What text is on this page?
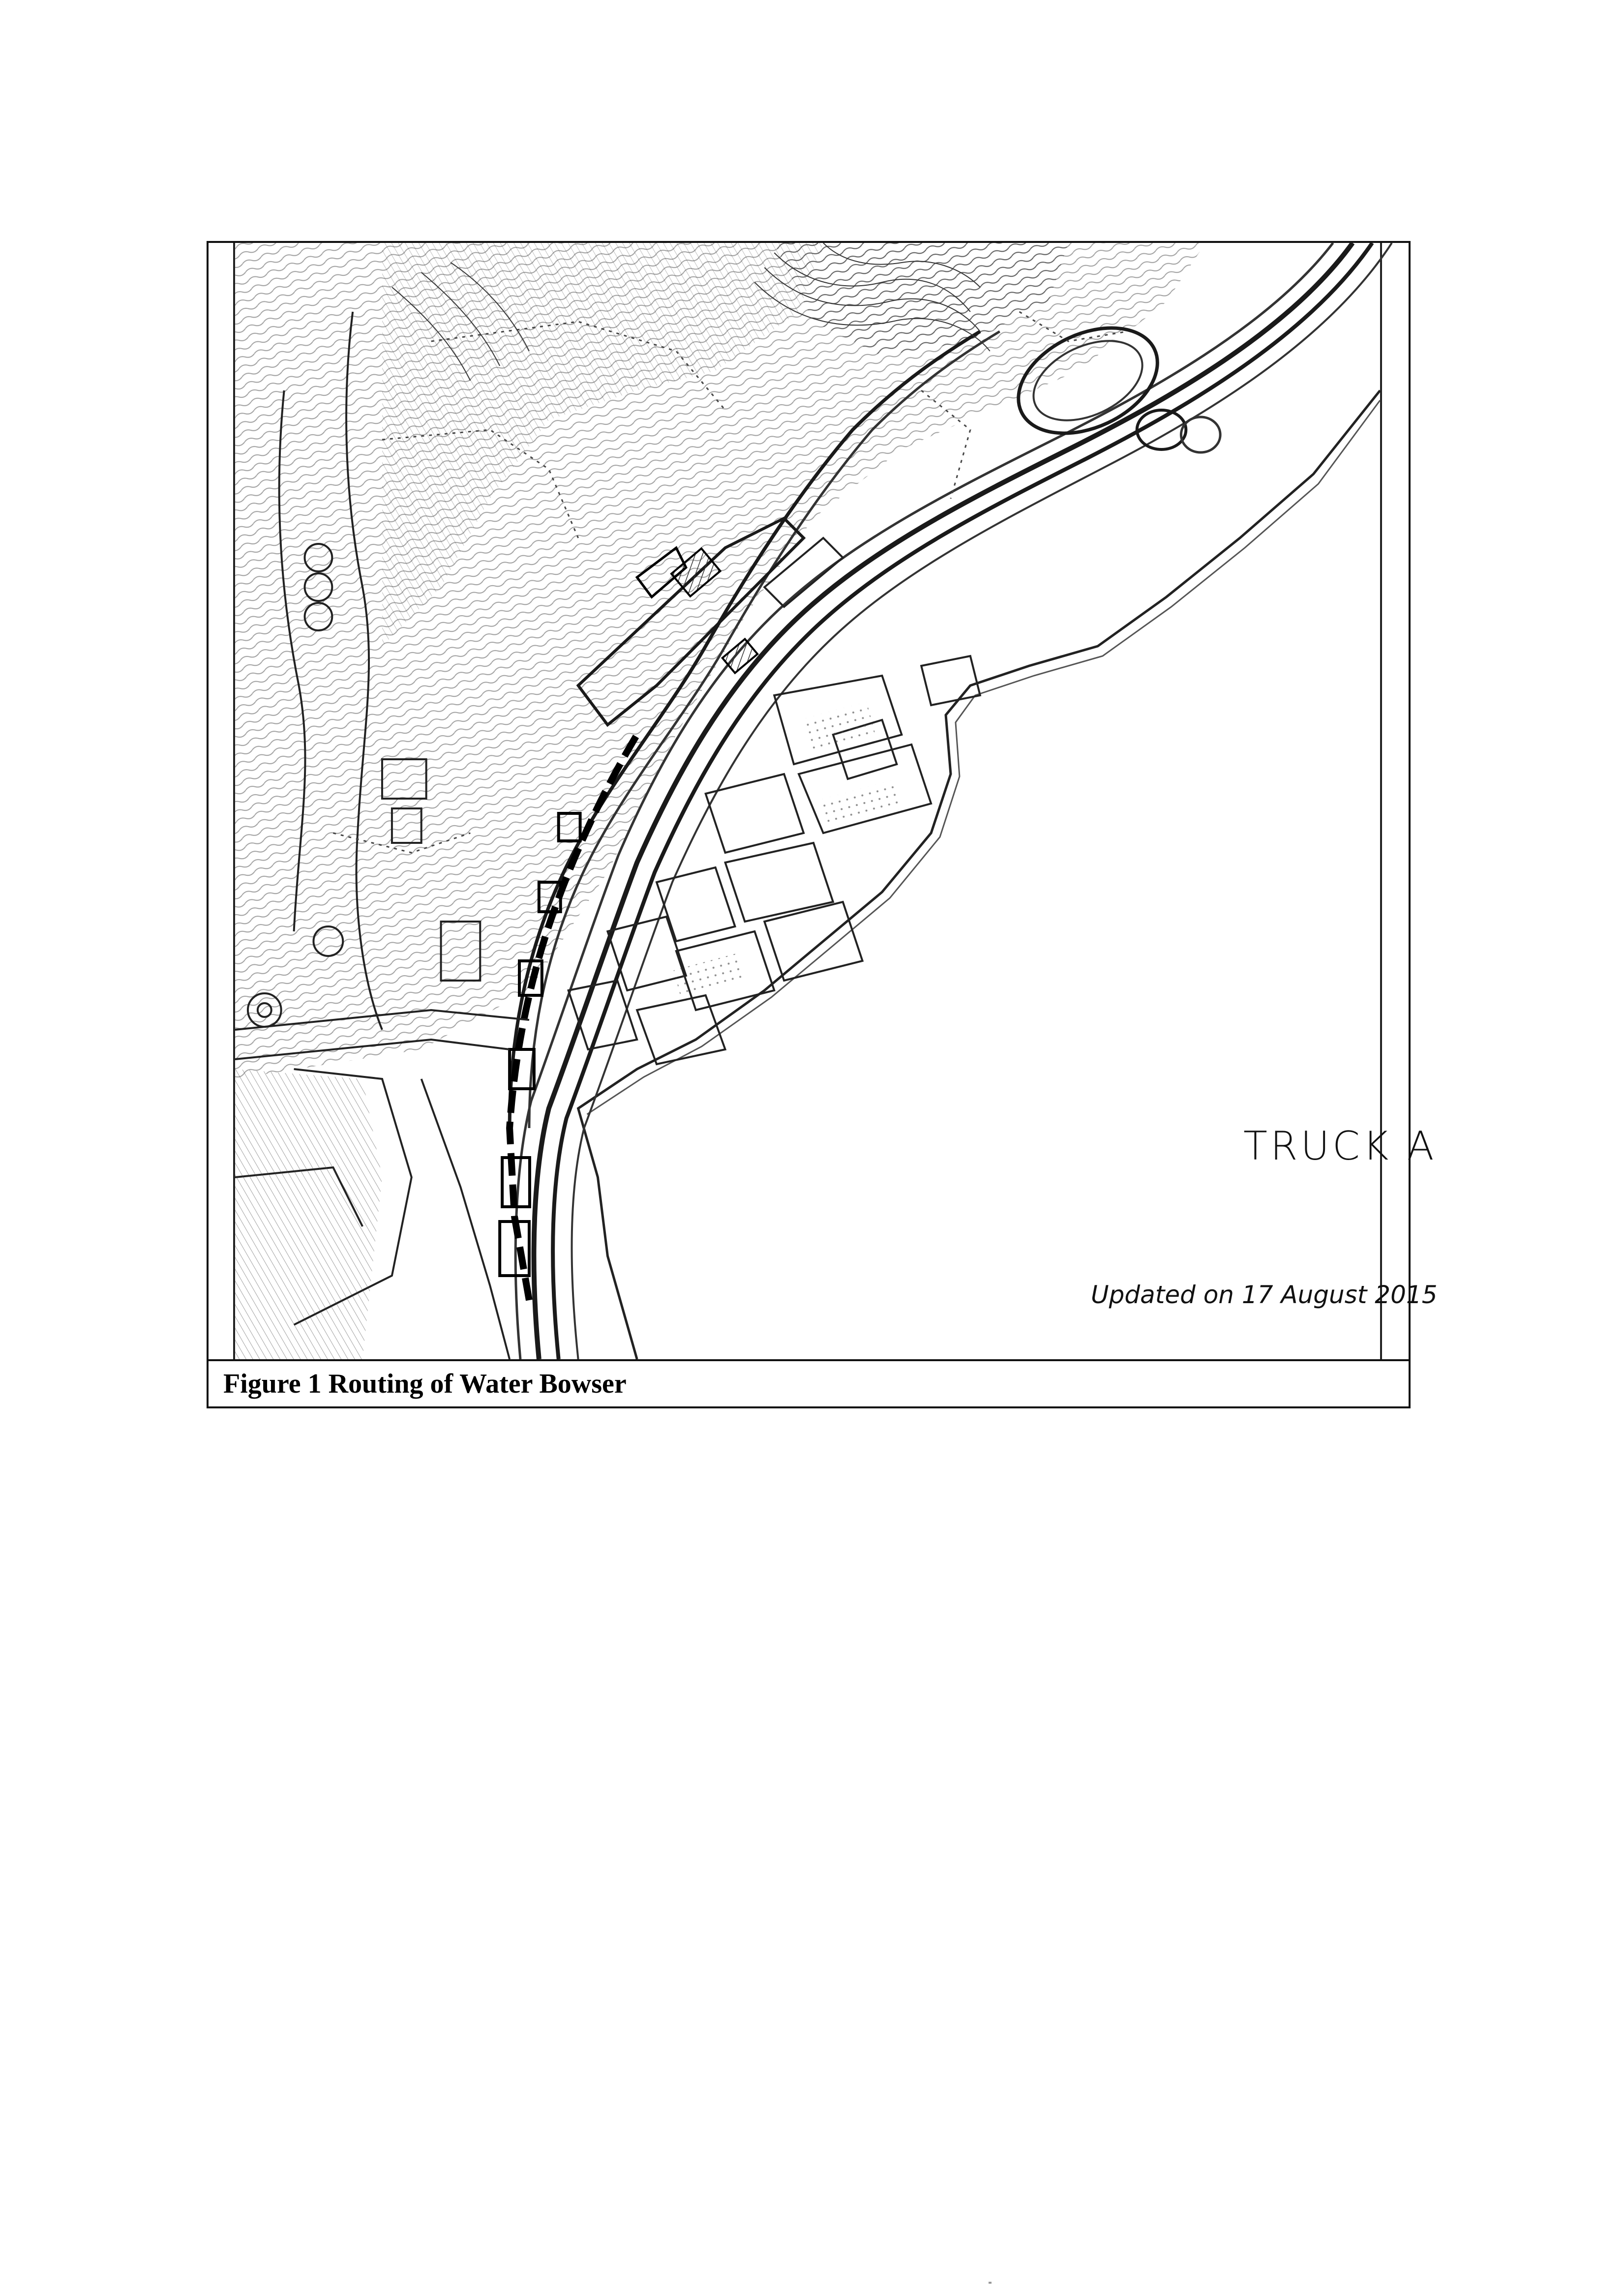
TRUCK A
Updated on 17 August 2015
Figure 1 Routing of Water Bowser
